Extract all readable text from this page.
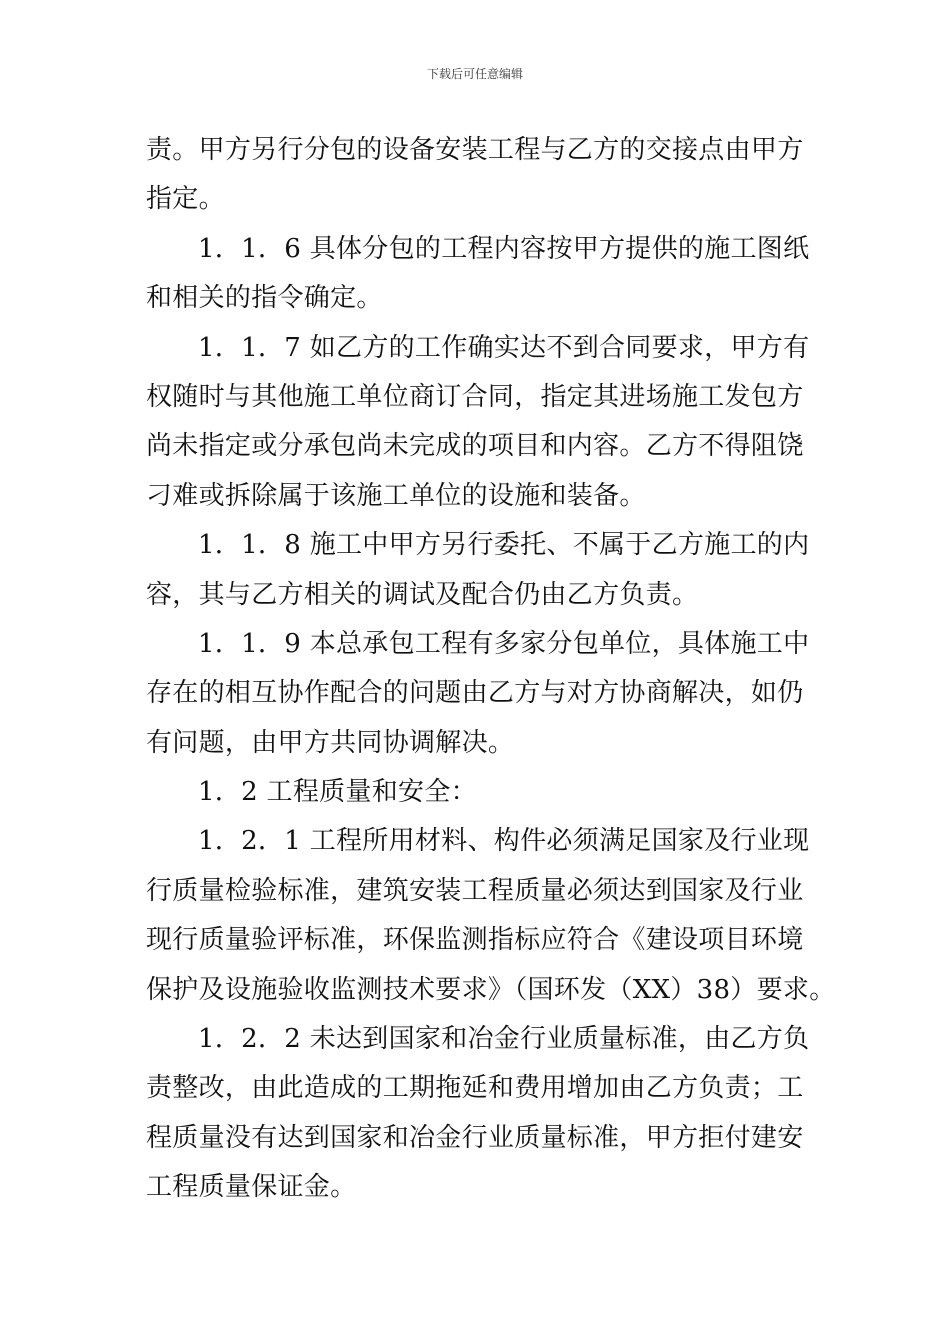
下载后可任意编辑
责。甲方另行分包的设备安装工程与乙方的交接点由甲方
指定。
1．1．6 具体分包的工程内容按甲方提供的施工图纸
和相关的指令确定。
1．1．7 如乙方的工作确实达不到合同要求，甲方有
权随时与其他施工单位商订合同，指定其进场施工发包方
尚未指定或分承包尚未完成的项目和内容。乙方不得阻饶
刁难或拆除属于该施工单位的设施和装备。
1．1．8 施工中甲方另行委托、不属于乙方施工的内
容，其与乙方相关的调试及配合仍由乙方负责。
1．1．9 本总承包工程有多家分包单位，具体施工中
存在的相互协作配合的问题由乙方与对方协商解决，如仍
有问题，由甲方共同协调解决。
1．2 工程质量和安全：
1．2．1 工程所用材料、构件必须满足国家及行业现
行质量检验标准，建筑安装工程质量必须达到国家及行业
现行质量验评标准，环保监测指标应符合《建设项目环境
保护及设施验收监测技术要求》（国环发（XX）38）要求。
1．2．2 未达到国家和冶金行业质量标准，由乙方负
责整改，由此造成的工期拖延和费用增加由乙方负责；工
程质量没有达到国家和冶金行业质量标准，甲方拒付建安
工程质量保证金。
